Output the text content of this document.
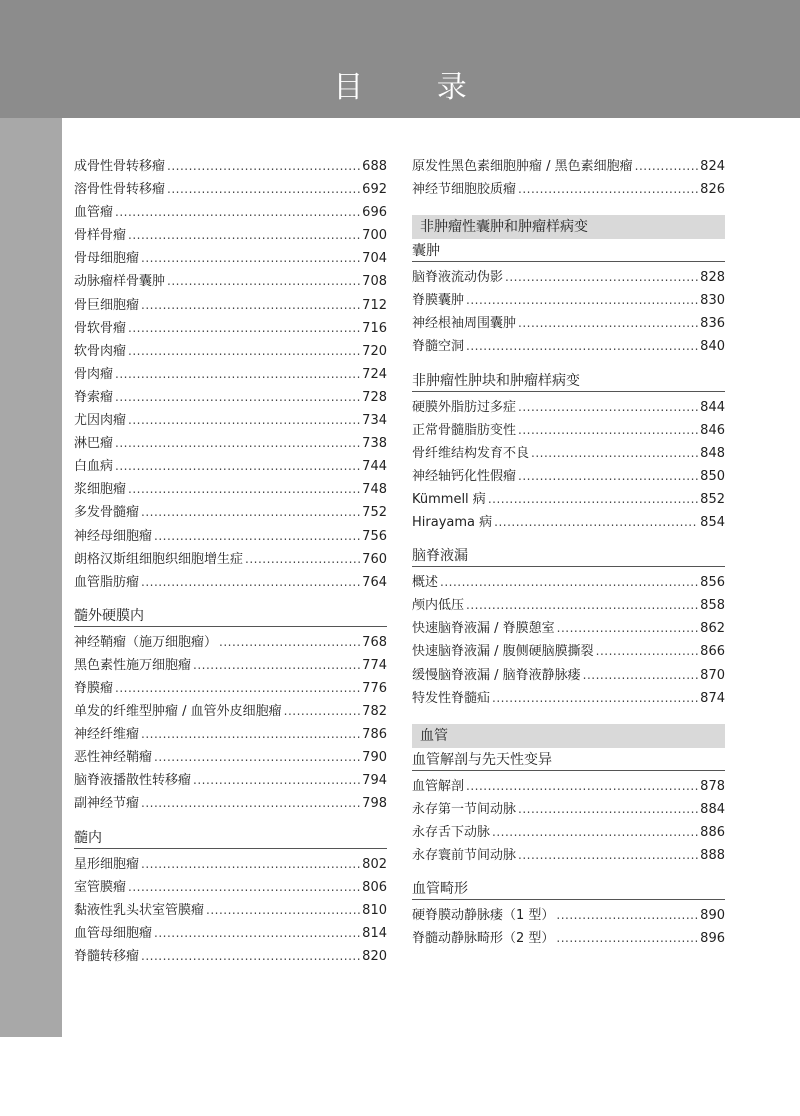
目 录
XIV
成骨性骨转移瘤 .....	688
溶骨性骨转移瘤 .....	692
血管瘤 .....	696
骨样骨瘤 .....	700
骨母细胞瘤 .....	704
动脉瘤样骨囊肿 .....	708
骨巨细胞瘤 .....	712
骨软骨瘤 .....	716
软骨肉瘤 .....	720
骨肉瘤 .....	724
脊索瘤 .....	728
尤因肉瘤 .....	734
淋巴瘤 .....	738
白血病 .....	744
浆细胞瘤 .....	748
多发骨髓瘤 .....	752
神经母细胞瘤 .....	756
朗格汉斯组细胞织细胞增生症 .....	760
血管脂肪瘤 .....	764
髓外硬膜内
神经鞘瘤（施万细胞瘤） .....	768
黑色素性施万细胞瘤 .....	774
脊膜瘤 .....	776
单发的纤维型肿瘤 / 血管外皮细胞瘤 .....	782
神经纤维瘤 .....	786
恶性神经鞘瘤 .....	790
脑脊液播散性转移瘤 .....	794
副神经节瘤 .....	798
髓内
星形细胞瘤 .....	802
室管膜瘤 .....	806
黏液性乳头状室管膜瘤 .....	810
血管母细胞瘤 .....	814
脊髓转移瘤 .....	820
原发性黑色素细胞肿瘤 / 黑色素细胞瘤 .....	824
神经节细胞胶质瘤 .....	826
非肿瘤性囊肿和肿瘤样病变
囊肿
脑脊液流动伪影 .....	828
脊膜囊肿 .....	830
神经根袖周围囊肿 .....	836
脊髓空洞 .....	840
非肿瘤性肿块和肿瘤样病变
硬膜外脂肪过多症 .....	844
正常骨髓脂肪变性 .....	846
骨纤维结构发育不良 .....	848
神经轴钙化性假瘤 .....	850
Kümmell 病 .....	852
Hirayama 病 .....	854
脑脊液漏
概述 .....	856
颅内低压 .....	858
快速脑脊液漏 / 脊膜憩室 .....	862
快速脑脊液漏 / 腹侧硬脑膜撕裂 .....	866
缓慢脑脊液漏 / 脑脊液静脉瘘 .....	870
特发性脊髓疝 .....	874
血管
血管解剖与先天性变异
血管解剖 .....	878
永存第一节间动脉 .....	884
永存舌下动脉 .....	886
永存寰前节间动脉 .....	888
血管畸形
硬脊膜动静脉瘘（1 型） .....	890
脊髓动静脉畸形（2 型） .....	896
